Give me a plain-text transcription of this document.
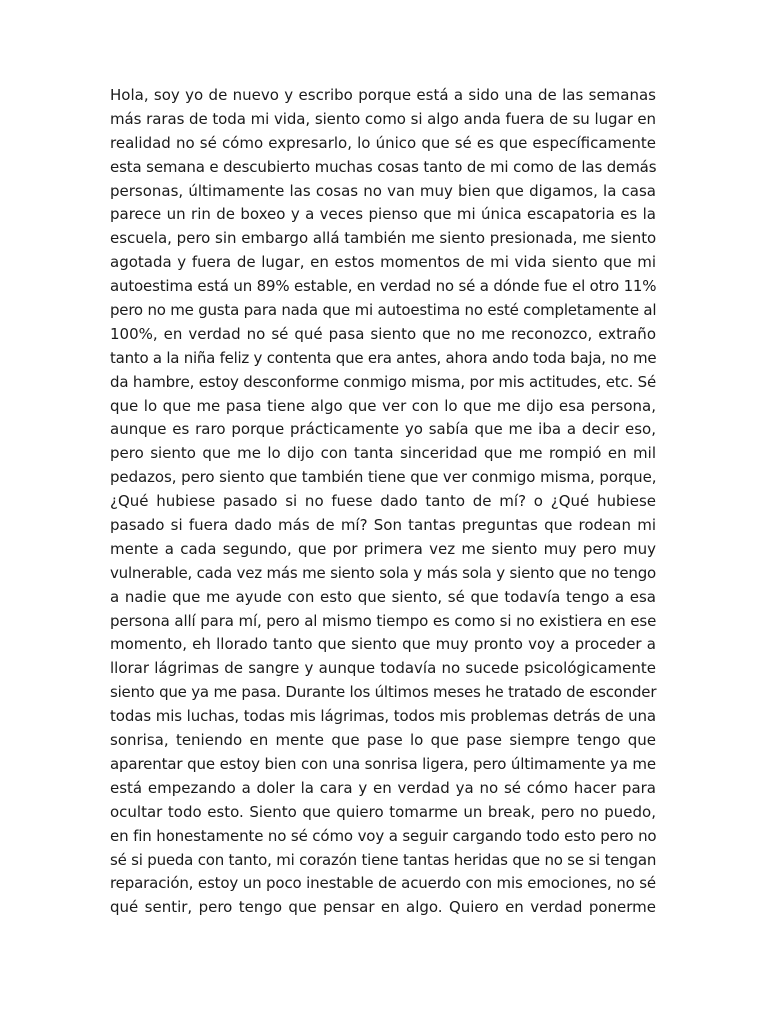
Hola, soy yo de nuevo y escribo porque está a sido una de las semanas
más raras de toda mi vida, siento como si algo anda fuera de su lugar en
realidad no sé cómo expresarlo, lo único que sé es que específicamente
esta semana e descubierto muchas cosas tanto de mi como de las demás
personas, últimamente las cosas no van muy bien que digamos, la casa
parece un rin de boxeo y a veces pienso que mi única escapatoria es la
escuela, pero sin embargo allá también me siento presionada, me siento
agotada y fuera de lugar, en estos momentos de mi vida siento que mi
autoestima está un 89% estable, en verdad no sé a dónde fue el otro 11%
pero no me gusta para nada que mi autoestima no esté completamente al
100%, en verdad no sé qué pasa siento que no me reconozco, extraño
tanto a la niña feliz y contenta que era antes, ahora ando toda baja, no me
da hambre, estoy desconforme conmigo misma, por mis actitudes, etc. Sé
que lo que me pasa tiene algo que ver con lo que me dijo esa persona,
aunque es raro porque prácticamente yo sabía que me iba a decir eso,
pero siento que me lo dijo con tanta sinceridad que me rompió en mil
pedazos, pero siento que también tiene que ver conmigo misma, porque,
¿Qué hubiese pasado si no fuese dado tanto de mí? o ¿Qué hubiese
pasado si fuera dado más de mí? Son tantas preguntas que rodean mi
mente a cada segundo, que por primera vez me siento muy pero muy
vulnerable, cada vez más me siento sola y más sola y siento que no tengo
a nadie que me ayude con esto que siento, sé que todavía tengo a esa
persona allí para mí, pero al mismo tiempo es como si no existiera en ese
momento, eh llorado tanto que siento que muy pronto voy a proceder a
llorar lágrimas de sangre y aunque todavía no sucede psicológicamente
siento que ya me pasa. Durante los últimos meses he tratado de esconder
todas mis luchas, todas mis lágrimas, todos mis problemas detrás de una
sonrisa, teniendo en mente que pase lo que pase siempre tengo que
aparentar que estoy bien con una sonrisa ligera, pero últimamente ya me
está empezando a doler la cara y en verdad ya no sé cómo hacer para
ocultar todo esto. Siento que quiero tomarme un break, pero no puedo,
en fin honestamente no sé cómo voy a seguir cargando todo esto pero no
sé si pueda con tanto, mi corazón tiene tantas heridas que no se si tengan
reparación, estoy un poco inestable de acuerdo con mis emociones, no sé
qué sentir, pero tengo que pensar en algo. Quiero en verdad ponerme
